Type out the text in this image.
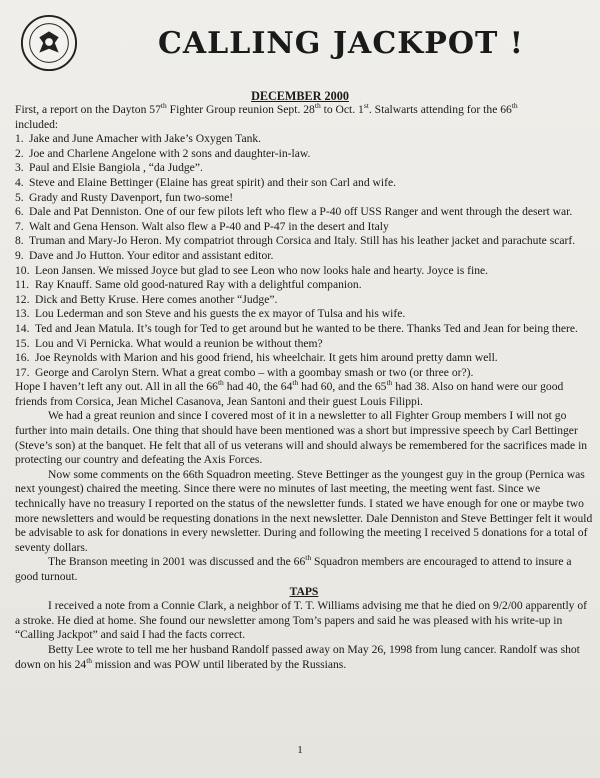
CALLING JACKPOT !
DECEMBER 2000

First, a report on the Dayton 57th Fighter Group reunion Sept. 28th to Oct. 1st. Stalwarts attending for the 66th

included:

1. Jake and June Amacher with Jake’s Oxygen Tank.
2. Joe and Charlene Angelone with 2 sons and daughter-in-law.
3. Paul and Elsie Bangiola , “da Judge”.
4. Steve and Elaine Bettinger (Elaine has great spirit) and their son Carl and wife.
5. Grady and Rusty Davenport, fun two-some!
6. Dale and Pat Denniston. One of our few pilots left who flew a P-40 off USS Ranger and went through the desert war.
7. Walt and Gena Henson. Walt also flew a P-40 and P-47 in the desert and Italy
8. Truman and Mary-Jo Heron. My compatriot through Corsica and Italy. Still has his leather jacket and parachute scarf.
9. Dave and Jo Hutton. Your editor and assistant editor.
10. Leon Jansen. We missed Joyce but glad to see Leon who now looks hale and hearty. Joyce is fine.
11. Ray Knauff. Same old good-natured Ray with a delightful companion.
12. Dick and Betty Kruse. Here comes another “Judge”.
13. Lou Lederman and son Steve and his guests the ex mayor of Tulsa and his wife.
14. Ted and Jean Matula. It’s tough for Ted to get around but he wanted to be there. Thanks Ted and Jean for being there.
15. Lou and Vi Pernicka. What would a reunion be without them?
16. Joe Reynolds with Marion and his good friend, his wheelchair. It gets him around pretty damn well.
17. George and Carolyn Stern. What a great combo – with a goombay smash or two (or three or?).

Hope I haven’t left any out. All in all the 66th had 40, the 64th had 60, and the 65th had 38. Also on hand were our good friends from Corsica, Jean Michel Casanova, Jean Santoni and their guest Louis Filippi.

We had a great reunion and since I covered most of it in a newsletter to all Fighter Group members I will not go further into main details. One thing that should have been mentioned was a short but impressive speech by Carl Bettinger (Steve’s son) at the banquet. He felt that all of us veterans will and should always be remembered for the sacrifices made in protecting our country and defeating the Axis Forces.

Now some comments on the 66th Squadron meeting. Steve Bettinger as the youngest guy in the group (Pernica was next youngest) chaired the meeting. Since there were no minutes of last meeting, the meeting went fast. Since we technically have no treasury I reported on the status of the newsletter funds. I stated we have enough for one or maybe two more newsletters and would be requesting donations in the next newsletter. Dale Denniston and Steve Bettinger felt it would be advisable to ask for donations in every newsletter. During and following the meeting I received 5 donations for a total of seventy dollars.

The Branson meeting in 2001 was discussed and the 66th Squadron members are encouraged to attend to insure a good turnout.

TAPS

I received a note from a Connie Clark, a neighbor of T. T. Williams advising me that he died on 9/2/00 apparently of a stroke. He died at home. She found our newsletter among Tom’s papers and said he was pleased with his write-up in “Calling Jackpot” and said I had the facts correct.

Betty Lee wrote to tell me her husband Randolf passed away on May 26, 1998 from lung cancer. Randolf was shot down on his 24th mission and was POW until liberated by the Russians.

1
